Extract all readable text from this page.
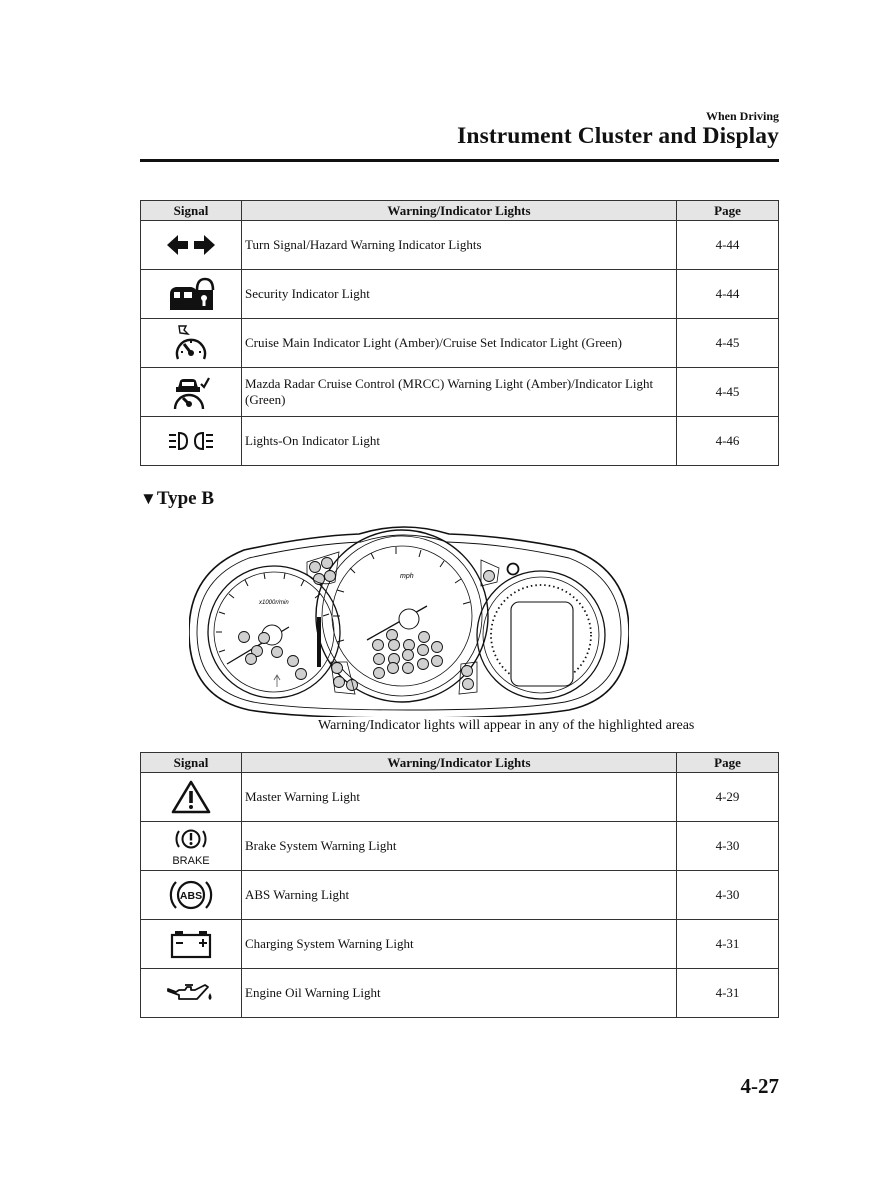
When Driving
Instrument Cluster and Display
Signal	Warning/Indicator Lights	Page

	Turn Signal/Hazard Warning Indicator Lights	4-44

	Security Indicator Light	4-44

	Cruise Main Indicator Light (Amber)/Cruise Set Indicator Light (Green)	4-45

	Mazda Radar Cruise Control (MRCC) Warning Light (Amber)/Indicator Light (Green)	4-45

	Lights-On Indicator Light	4-46
▼Type B
x1000r/min
mph
Warning/Indicator lights will appear in any of the highlighted areas
Signal	Warning/Indicator Lights	Page

	Master Warning Light	4-29

BRAKE	Brake System Warning Light	4-30

ABS	ABS Warning Light	4-30

	Charging System Warning Light	4-31

	Engine Oil Warning Light	4-31
4-27
